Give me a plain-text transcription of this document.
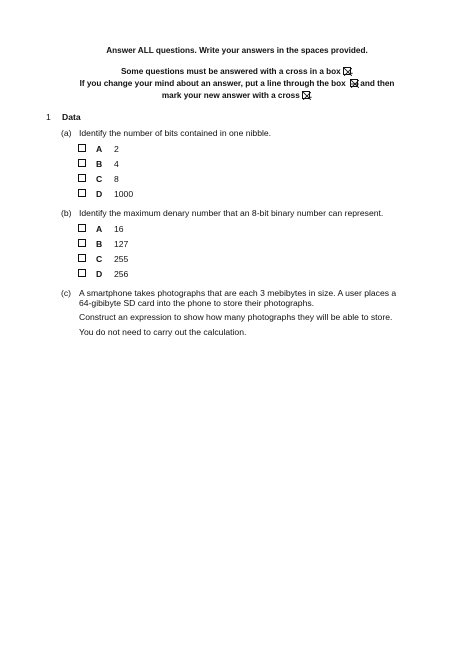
Answer ALL questions. Write your answers in the spaces provided.
Some questions must be answered with a cross in a box ☒.
If you change your mind about an answer, put a line through the box and then
mark your new answer with a cross ☒.
1 Data
(a) Identify the number of bits contained in one nibble.
A 2
B 4
C 8
D 1000
(b) Identify the maximum denary number that an 8-bit binary number can represent.
A 16
B 127
C 255
D 256
(c) A smartphone takes photographs that are each 3 mebibytes in size. A user places a
64-gibibyte SD card into the phone to store their photographs.
Construct an expression to show how many photographs they will be able to store.
You do not need to carry out the calculation.
